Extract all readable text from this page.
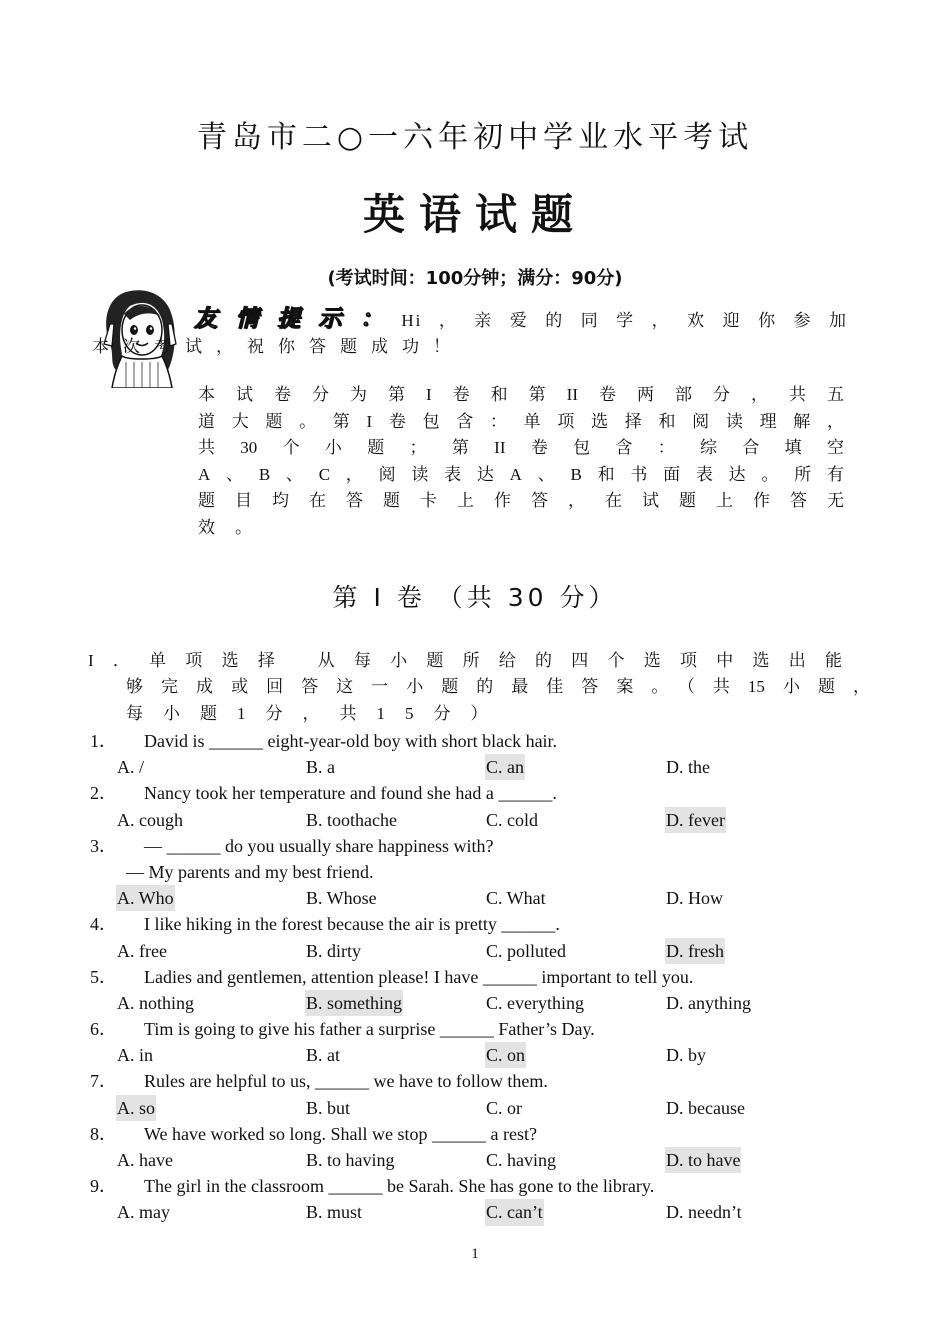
青岛市二○一六年初中学业水平考试
英语试题
(考试时间：100分钟；满分：90分)
友情提示：Hi，亲爱的同学，欢迎你参加
本次考试，祝你答题成功！
本试卷分为第I卷和第II卷两部分，共五
道大题。第I卷包含：单项选择和阅读理解，
共30个小题；第II卷包含：综合填空
A、B、C，阅读表达A、B和书面表达。所有
题目均在答题卡上作答，在试题上作答无
效。
第 I 卷 （共 30 分）
I．单项选择 从每小题所给的四个选项中选出能
够完成或回答这一小题的最佳答案。（共15小题，
每小题1分，共15分）
1． David is ______ eight-year-old boy with short black hair.
A. /	B. a	C. an	D. the
2． Nancy took her temperature and found she had a ______.
A. cough	B. toothache	C. cold	D. fever
3． — ______ do you usually share happiness with?
— My parents and my best friend.
A. Who	B. Whose	C. What	D. How
4． I like hiking in the forest because the air is pretty ______.
A. free	B. dirty	C. polluted	D. fresh
5． Ladies and gentlemen, attention please! I have ______ important to tell you.
A. nothing	B. something	C. everything	D. anything
6． Tim is going to give his father a surprise ______ Father’s Day.
A. in	B. at	C. on	D. by
7． Rules are helpful to us, ______ we have to follow them.
A. so	B. but	C. or	D. because
8． We have worked so long. Shall we stop ______ a rest?
A. have	B. to having	C. having	D. to have
9． The girl in the classroom ______ be Sarah. She has gone to the library.
A. may	B. must	C. can’t	D. needn’t
1
